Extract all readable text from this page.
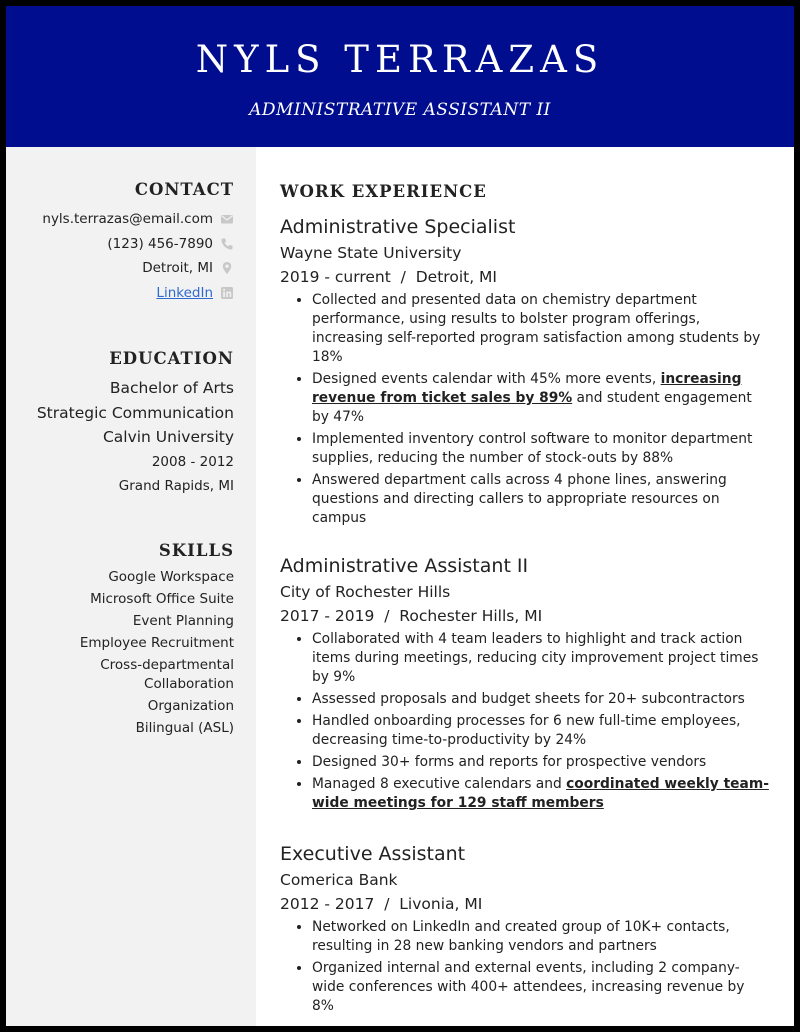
NYLS TERRAZAS
ADMINISTRATIVE ASSISTANT II
CONTACT
nyls.terrazas@email.com
(123) 456-7890
Detroit, MI
LinkedIn
EDUCATION
Bachelor of Arts
Strategic Communication
Calvin University
2008 - 2012
Grand Rapids, MI
SKILLS
Google Workspace
Microsoft Office Suite
Event Planning
Employee Recruitment
Cross-departmental Collaboration
Organization
Bilingual (ASL)
WORK EXPERIENCE
Administrative Specialist
Wayne State University
2019 - current  /  Detroit, MI
• Collected and presented data on chemistry department performance, using results to bolster program offerings, increasing self-reported program satisfaction among students by 18%
• Designed events calendar with 45% more events, increasing revenue from ticket sales by 89% and student engagement by 47%
• Implemented inventory control software to monitor department supplies, reducing the number of stock-outs by 88%
• Answered department calls across 4 phone lines, answering questions and directing callers to appropriate resources on campus
Administrative Assistant II
City of Rochester Hills
2017 - 2019  /  Rochester Hills, MI
• Collaborated with 4 team leaders to highlight and track action items during meetings, reducing city improvement project times by 9%
• Assessed proposals and budget sheets for 20+ subcontractors
• Handled onboarding processes for 6 new full-time employees, decreasing time-to-productivity by 24%
• Designed 30+ forms and reports for prospective vendors
• Managed 8 executive calendars and coordinated weekly team-wide meetings for 129 staff members
Executive Assistant
Comerica Bank
2012 - 2017  /  Livonia, MI
• Networked on LinkedIn and created group of 10K+ contacts, resulting in 28 new banking vendors and partners
• Organized internal and external events, including 2 company-wide conferences with 400+ attendees, increasing revenue by 8%
